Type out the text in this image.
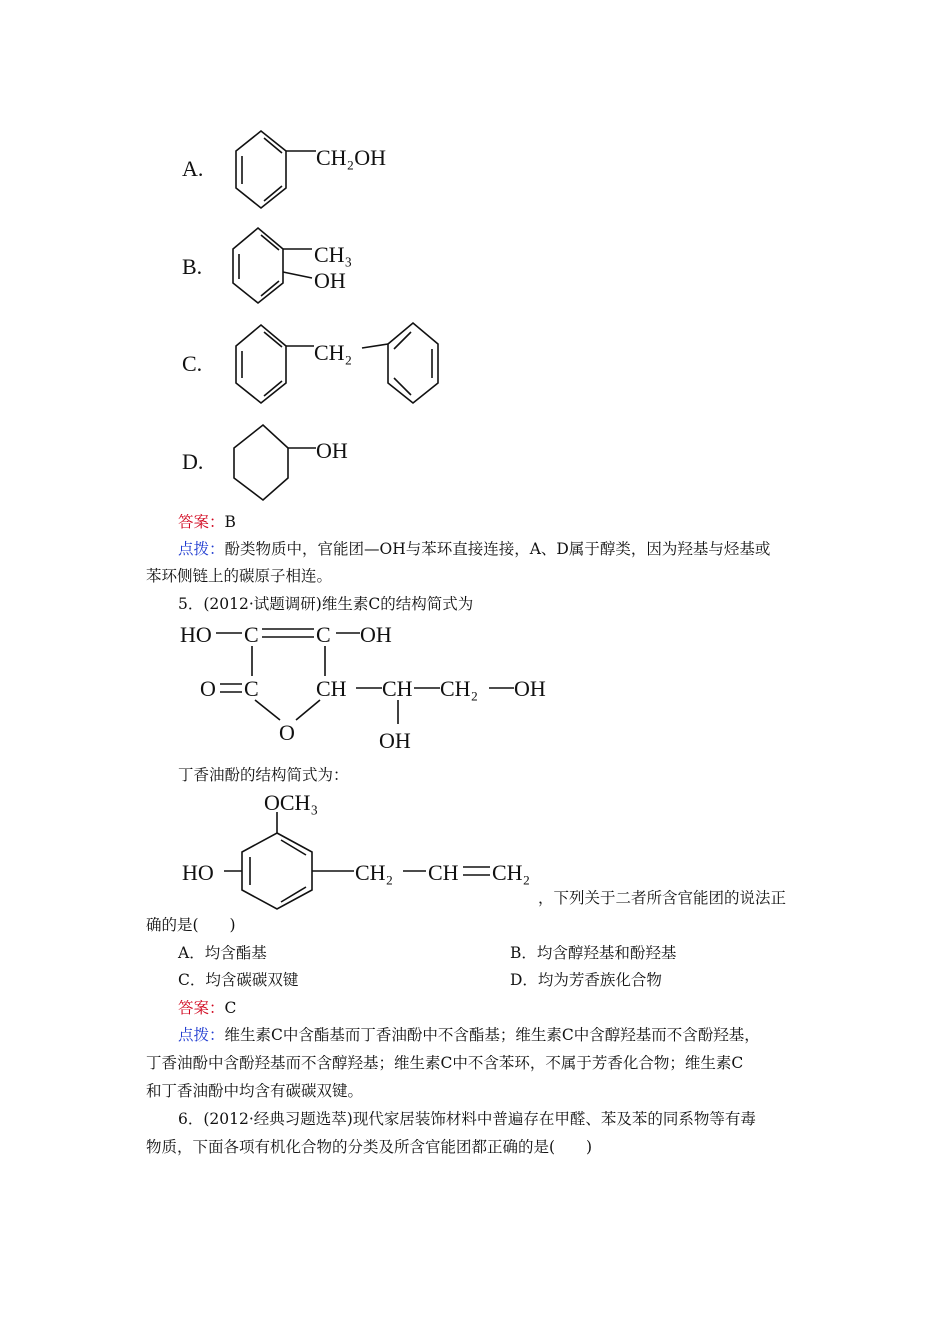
CH₂OH
CH₃
OH
CH₂
OH
HO C	C OH
O C	CH CH CH₂ OH
O	OH
OCH₃
HO	CH₂ CH CH₂
A.
B.
C.
D.
答案：B
点拨：酚类物质中，官能团—OH与苯环直接连接，A、D属于醇类，因为羟基与烃基或
苯环侧链上的碳原子相连。
5．(2012·试题调研)维生素C的结构简式为
丁香油酚的结构简式为：
，下列关于二者所含官能团的说法正
确的是(　　)
A．均含酯基	B．均含醇羟基和酚羟基
C．均含碳碳双键	D．均为芳香族化合物
答案：C
点拨：维生素C中含酯基而丁香油酚中不含酯基；维生素C中含醇羟基而不含酚羟基，
丁香油酚中含酚羟基而不含醇羟基；维生素C中不含苯环，不属于芳香化合物；维生素C
和丁香油酚中均含有碳碳双键。
6．(2012·经典习题选萃)现代家居装饰材料中普遍存在甲醛、苯及苯的同系物等有毒
物质，下面各项有机化合物的分类及所含官能团都正确的是(　　)
